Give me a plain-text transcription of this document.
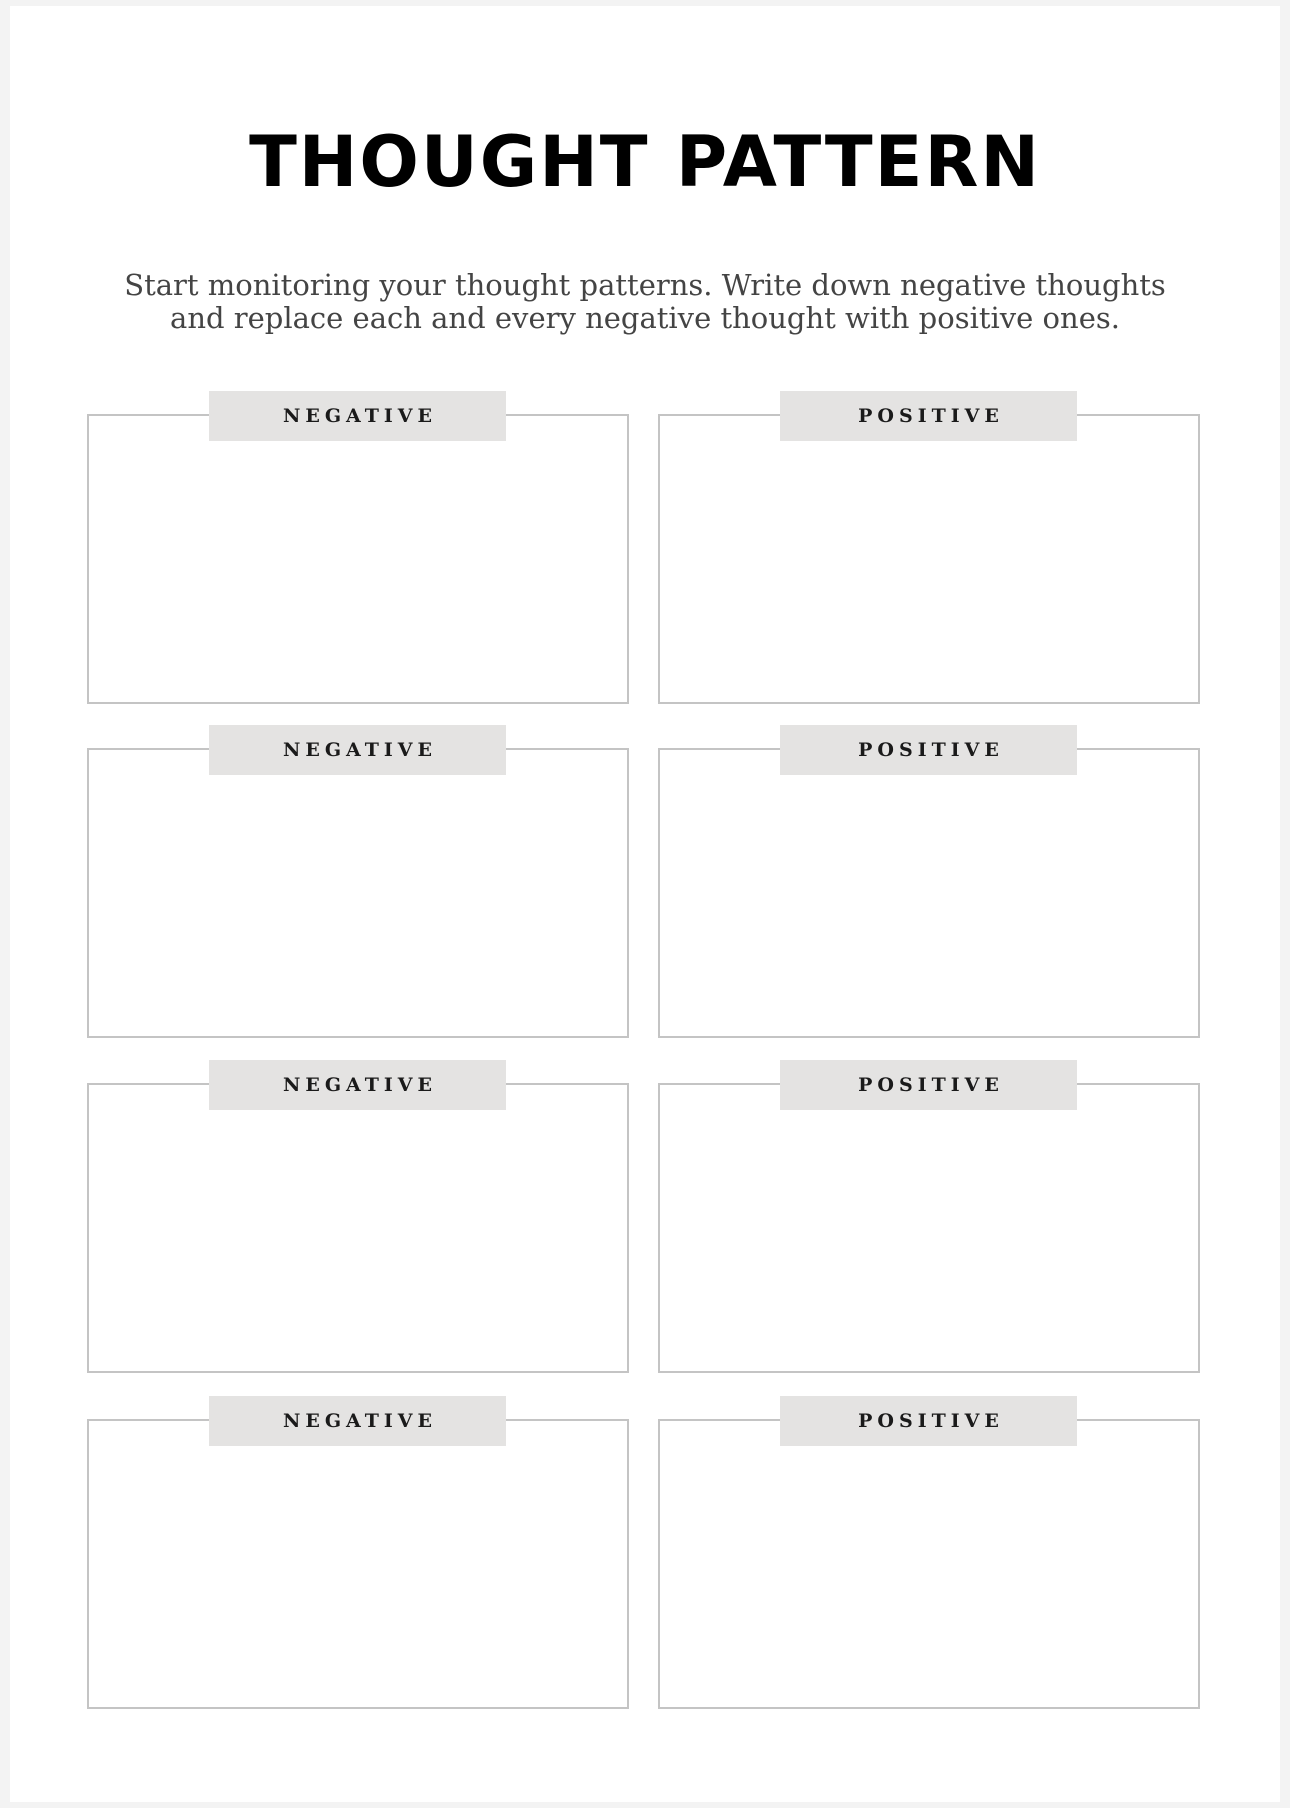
THOUGHT PATTERN
Start monitoring your thought patterns. Write down negative thoughts
and replace each and every negative thought with positive ones.
NEGATIVE	POSITIVE
NEGATIVE	POSITIVE
NEGATIVE	POSITIVE
NEGATIVE	POSITIVE
